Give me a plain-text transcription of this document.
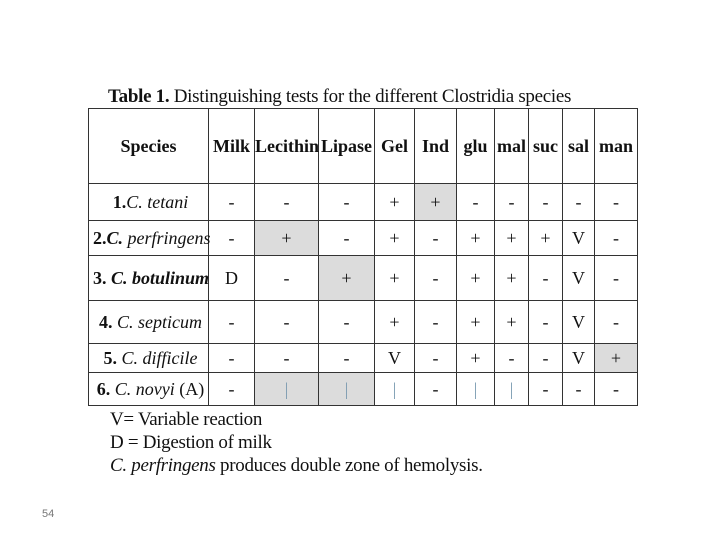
Table 1. Distinguishing tests for the different Clostridia species
Species	Milk	Lecithin	Lipase	Gel	Ind	glu	mal	suc	sal	man
1.C. tetani	-	-	-	+	+	-	-	-	-	-
2.C. perfringens	-	+	-	+	-	+	+	+	V	-
3. C. botulinum	D	-	+	+	-	+	+	-	V	-
4. C. septicum	-	-	-	+	-	+	+	-	V	-
5. C. difficile	-	-	-	V	-	+	-	-	V	+
6. C. novyi (A)	-	|	|	|	-	|	|	-	-	-
V= Variable reaction
D = Digestion of milk
C. perfringens produces double zone of hemolysis.
54
